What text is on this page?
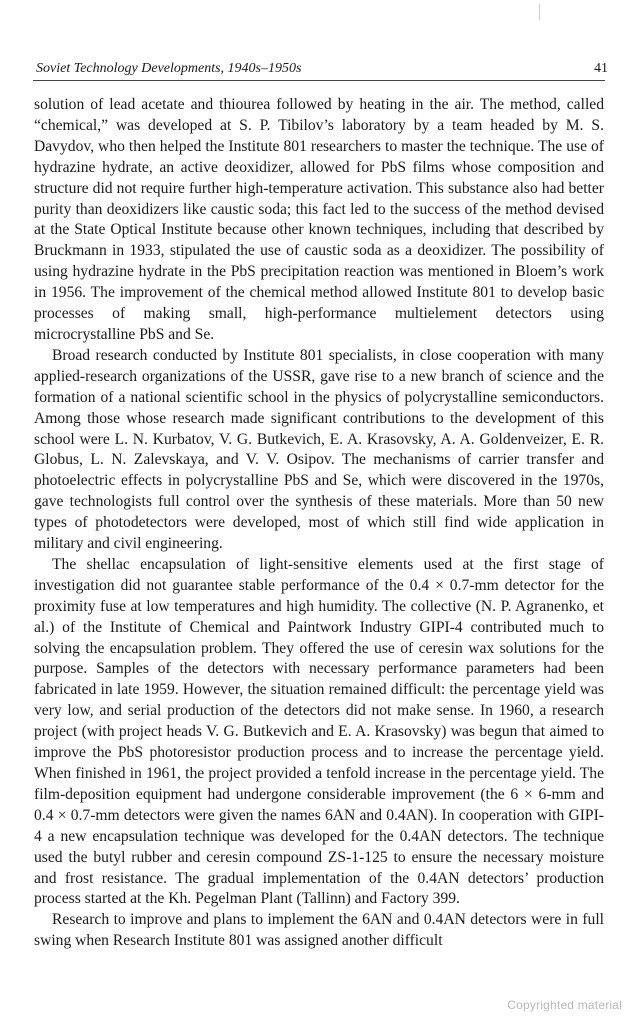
Soviet Technology Developments, 1940s–1950s	41

solution of lead acetate and thiourea followed by heating in the air. The method, called “chemical,” was developed at S. P. Tibilov’s laboratory by a team headed by M. S. Davydov, who then helped the Institute 801 researchers to master the technique. The use of hydrazine hydrate, an active deoxidizer, allowed for PbS films whose composition and structure did not require further high-temperature activation. This substance also had better purity than deoxidizers like caustic soda; this fact led to the success of the method devised at the State Optical Institute because other known techniques, including that described by Bruckmann in 1933, stipulated the use of caustic soda as a deoxidizer. The possibility of using hydrazine hydrate in the PbS precipitation reaction was mentioned in Bloem’s work in 1956. The improvement of the chemical method allowed Institute 801 to develop basic processes of making small, high-performance multielement detectors using microcrystalline PbS and Se.

Broad research conducted by Institute 801 specialists, in close cooperation with many applied-research organizations of the USSR, gave rise to a new branch of science and the formation of a national scientific school in the physics of polycrystalline semiconductors. Among those whose research made significant contributions to the development of this school were L. N. Kurbatov, V. G. Butkevich, E. A. Krasovsky, A. A. Goldenveizer, E. R. Globus, L. N. Zalevskaya, and V. V. Osipov. The mechanisms of carrier transfer and photoelectric effects in polycrystalline PbS and Se, which were discovered in the 1970s, gave technologists full control over the synthesis of these materials. More than 50 new types of photodetectors were developed, most of which still find wide application in military and civil engineering.

The shellac encapsulation of light-sensitive elements used at the first stage of investigation did not guarantee stable performance of the 0.4 × 0.7-mm detector for the proximity fuse at low temperatures and high humidity. The collective (N. P. Agranenko, et al.) of the Institute of Chemical and Paintwork Industry GIPI-4 contributed much to solving the encapsulation problem. They offered the use of ceresin wax solutions for the purpose. Samples of the detectors with necessary performance parameters had been fabricated in late 1959. However, the situation remained difficult: the percentage yield was very low, and serial production of the detectors did not make sense. In 1960, a research project (with project heads V. G. Butkevich and E. A. Krasovsky) was begun that aimed to improve the PbS photoresistor production process and to increase the percentage yield. When finished in 1961, the project provided a tenfold increase in the percentage yield. The film-deposition equipment had undergone considerable improvement (the 6 × 6-mm and 0.4 × 0.7-mm detectors were given the names 6AN and 0.4AN). In cooperation with GIPI-4 a new encapsulation technique was developed for the 0.4AN detectors. The technique used the butyl rubber and ceresin compound ZS-1-125 to ensure the necessary moisture and frost resistance. The gradual implementation of the 0.4AN detectors’ production process started at the Kh. Pegelman Plant (Tallinn) and Factory 399.

Research to improve and plans to implement the 6AN and 0.4AN detectors were in full swing when Research Institute 801 was assigned another difficult

Copyrighted material
